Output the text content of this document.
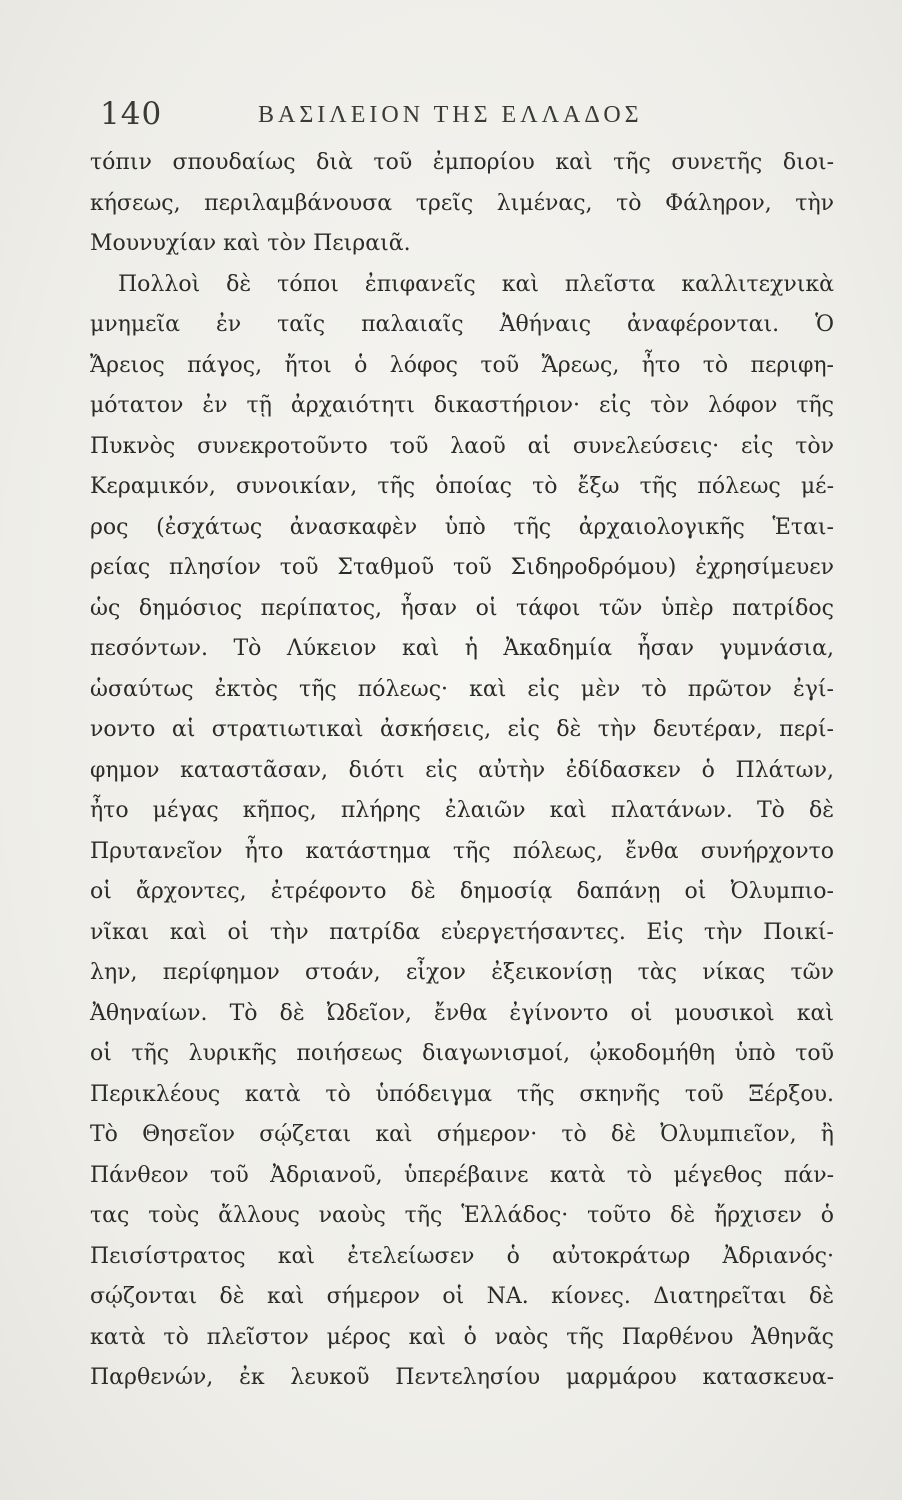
140	ΒΑΣΙΛΕΙΟΝ ΤΗΣ ΕΛΛΑΔΟΣ
τόπιν σπουδαίως διὰ τοῦ ἐμπορίου καὶ τῆς συνετῆς διοι-
κήσεως, περιλαμβάνουσα τρεῖς λιμένας, τὸ Φάληρον, τὴν
Μουνυχίαν καὶ τὸν Πειραιᾶ.
Πολλοὶ δὲ τόποι ἐπιφανεῖς καὶ πλεῖστα καλλιτεχνικὰ
μνημεῖα ἐν ταῖς παλαιαῖς Ἀθήναις ἀναφέρονται. Ὁ
Ἄρειος πάγος, ἤτοι ὁ λόφος τοῦ Ἄρεως, ἦτο τὸ περιφη-
μότατον ἐν τῇ ἀρχαιότητι δικαστήριον· εἰς τὸν λόφον τῆς
Πυκνὸς συνεκροτοῦντο τοῦ λαοῦ αἱ συνελεύσεις· εἰς τὸν
Κεραμικόν, συνοικίαν, τῆς ὁποίας τὸ ἔξω τῆς πόλεως μέ-
ρος (ἐσχάτως ἀνασκαφὲν ὑπὸ τῆς ἀρχαιολογικῆς Ἑται-
ρείας πλησίον τοῦ Σταθμοῦ τοῦ Σιδηροδρόμου) ἐχρησίμευεν
ὡς δημόσιος περίπατος, ἦσαν οἱ τάφοι τῶν ὑπὲρ πατρίδος
πεσόντων. Τὸ Λύκειον καὶ ἡ Ἀκαδημία ἦσαν γυμνάσια,
ὡσαύτως ἐκτὸς τῆς πόλεως· καὶ εἰς μὲν τὸ πρῶτον ἐγί-
νοντο αἱ στρατιωτικαὶ ἀσκήσεις, εἰς δὲ τὴν δευτέραν, περί-
φημον καταστᾶσαν, διότι εἰς αὐτὴν ἐδίδασκεν ὁ Πλάτων,
ἦτο μέγας κῆπος, πλήρης ἐλαιῶν καὶ πλατάνων. Τὸ δὲ
Πρυτανεῖον ἦτο κατάστημα τῆς πόλεως, ἔνθα συνήρχοντο
οἱ ἄρχοντες, ἐτρέφοντο δὲ δημοσίᾳ δαπάνῃ οἱ Ὀλυμπιο-
νῖκαι καὶ οἱ τὴν πατρίδα εὐεργετήσαντες. Εἰς τὴν Ποικί-
λην, περίφημον στοάν, εἶχον ἐξεικονίσῃ τὰς νίκας τῶν
Ἀθηναίων. Τὸ δὲ Ὠδεῖον, ἔνθα ἐγίνοντο οἱ μουσικοὶ καὶ
οἱ τῆς λυρικῆς ποιήσεως διαγωνισμοί, ᾠκοδομήθη ὑπὸ τοῦ
Περικλέους κατὰ τὸ ὑπόδειγμα τῆς σκηνῆς τοῦ Ξέρξου.
Τὸ Θησεῖον σῴζεται καὶ σήμερον· τὸ δὲ Ὀλυμπιεῖον, ἢ
Πάνθεον τοῦ Ἀδριανοῦ, ὑπερέβαινε κατὰ τὸ μέγεθος πάν-
τας τοὺς ἄλλους ναοὺς τῆς Ἑλλάδος· τοῦτο δὲ ἤρχισεν ὁ
Πεισίστρατος καὶ ἐτελείωσεν ὁ αὐτοκράτωρ Ἀδριανός·
σῴζονται δὲ καὶ σήμερον οἱ ΝΑ. κίονες. Διατηρεῖται δὲ
κατὰ τὸ πλεῖστον μέρος καὶ ὁ ναὸς τῆς Παρθένου Ἀθηνᾶς
Παρθενών, ἐκ λευκοῦ Πεντελησίου μαρμάρου κατασκευα-
